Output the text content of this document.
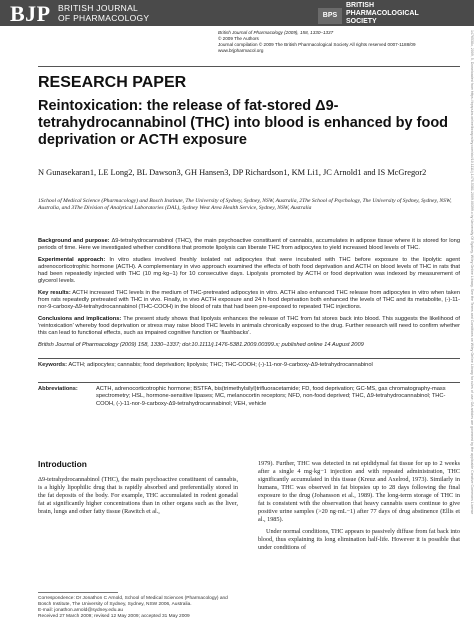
BJP BRITISH JOURNAL
OF PHARMACOLOGY	BPS
BRITISH
PHARMACOLOGICAL
SOCIETY
British Journal of Pharmacology (2009), 158, 1330–1337
© 2009 The Authors
Journal compilation © 2009 The British Pharmacological Society All rights reserved 0007-1188/09
www.brjpharmacol.org
RESEARCH PAPER
Reintoxication: the release of fat-stored Δ9-tetrahydrocannabinol (THC) into blood is enhanced by food deprivation or ACTH exposure
N Gunasekaran1, LE Long2, BL Dawson3, GH Hansen3, DP Richardson1, KM Li1, JC Arnold1 and IS McGregor2
1School of Medical Science (Pharmacology) and Bosch Institute, The University of Sydney, Sydney, NSW, Australia, 2The School of Psychology, The University of Sydney, Sydney, NSW, Australia, and 3The Division of Analytical Laboratories (DAL), Sydney West Area Health Service, Sydney, NSW, Australia
Background and purpose: Δ9-tetrahydrocannabinol (THC), the main psychoactive constituent of cannabis, accumulates in adipose tissue where it is stored for long periods of time. Here we investigated whether conditions that promote lipolysis can liberate THC from adipocytes to yield increased blood levels of THC.
Experimental approach: In vitro studies involved freshly isolated rat adipocytes that were incubated with THC before exposure to the lipolytic agent adrenocorticotrophic hormone (ACTH). A complementary in vivo approach examined the effects of both food deprivation and ACTH on blood levels of THC in rats that had been repeatedly injected with THC (10 mg·kg−1) for 10 consecutive days. Lipolysis promoted by ACTH or food deprivation was indexed by measurement of glycerol levels.
Key results: ACTH increased THC levels in the medium of THC-pretreated adipocytes in vitro. ACTH also enhanced THC release from adipocytes in vitro when taken from rats repeatedly pretreated with THC in vivo. Finally, in vivo ACTH exposure and 24 h food deprivation both enhanced the levels of THC and its metabolite, (-)-11-nor-9-carboxy-Δ9-tetrahydrocannabinol (THC-COOH) in the blood of rats that had been pre-exposed to repeated THC injections.
Conclusions and implications: The present study shows that lipolysis enhances the release of THC from fat stores back into blood. This suggests the likelihood of 'reintoxication' whereby food deprivation or stress may raise blood THC levels in animals chronically exposed to the drug. Further research will need to confirm whether this can lead to functional effects, such as impaired cognitive function or 'flashbacks'.
British Journal of Pharmacology (2009) 158, 1330–1337; doi:10.1111/j.1476-5381.2009.00399.x; published online 14 August 2009
Keywords: ACTH; adipocytes; cannabis; food deprivation; lipolysis; THC; THC-COOH; (-)-11-nor-9-carboxy-Δ9-tetrahydrocannabinol
Abbreviations:	ACTH, adrenocorticotrophic hormone; BSTFA, bis(trimethylsilyl)trifluoracetamide; FD, food deprivation; GC-MS, gas chromatography-mass spectrometry; HSL, hormone-sensitive lipases; MC, melanocortin receptors; NFD, non-food deprived; THC, Δ9-tetrahydrocannabinol; THC-COOH, (-)-11-nor-9-carboxy-Δ9-tetrahydrocannabinol; VEH, vehicle
Introduction

Δ9-tetrahydrocannabinol (THC), the main psychoactive constituent of cannabis, is a highly lipophilic drug that is rapidly absorbed and preferentially stored in the fat deposits of the body. For example, THC accumulated in rodent gonadal fat at significantly higher concentrations than in other organs such as the liver, brain, lungs and other fatty tissue (Rawitch et al.,

1979). Further, THC was detected in rat epididymal fat tissue for up to 2 weeks after a single 4 mg·kg−1 injection and with repeated administration, THC significantly accumulated in this tissue (Kreuz and Axelrod, 1973). Similarly in humans, THC was observed in fat biopsies up to 28 days following the final exposure to the drug (Johansson et al., 1989). The long-term storage of THC in fat is consistent with the observation that heavy cannabis users continue to give positive urine samples (>20 ng·mL−1) after 77 days of drug abstinence (Ellis et al., 1985).

Under normal conditions, THC appears to passively diffuse from fat back into blood, thus explaining its long elimination half-life. However it is possible that under conditions of

Correspondence: Dr Jonathon C Arnold, School of Medical Sciences (Pharmacology) and Bosch Institute, The University of Sydney, Sydney, NSW 2006, Australia.
E-mail: jonathon.arnold@sydney.edu.au
Received 27 March 2009; revised 12 May 2009; accepted 31 May 2009
1476538x, 2009, 5, Downloaded from https://bpspubs.onlinelibrary.wiley.com/doi/10.1111/j.1476-5381.2009.00399.x by University Of Sydney, Wiley Online Library. See the Terms and Conditions on Wiley Online Library for rules of use; OA articles are governed by the applicable Creative Commons License
